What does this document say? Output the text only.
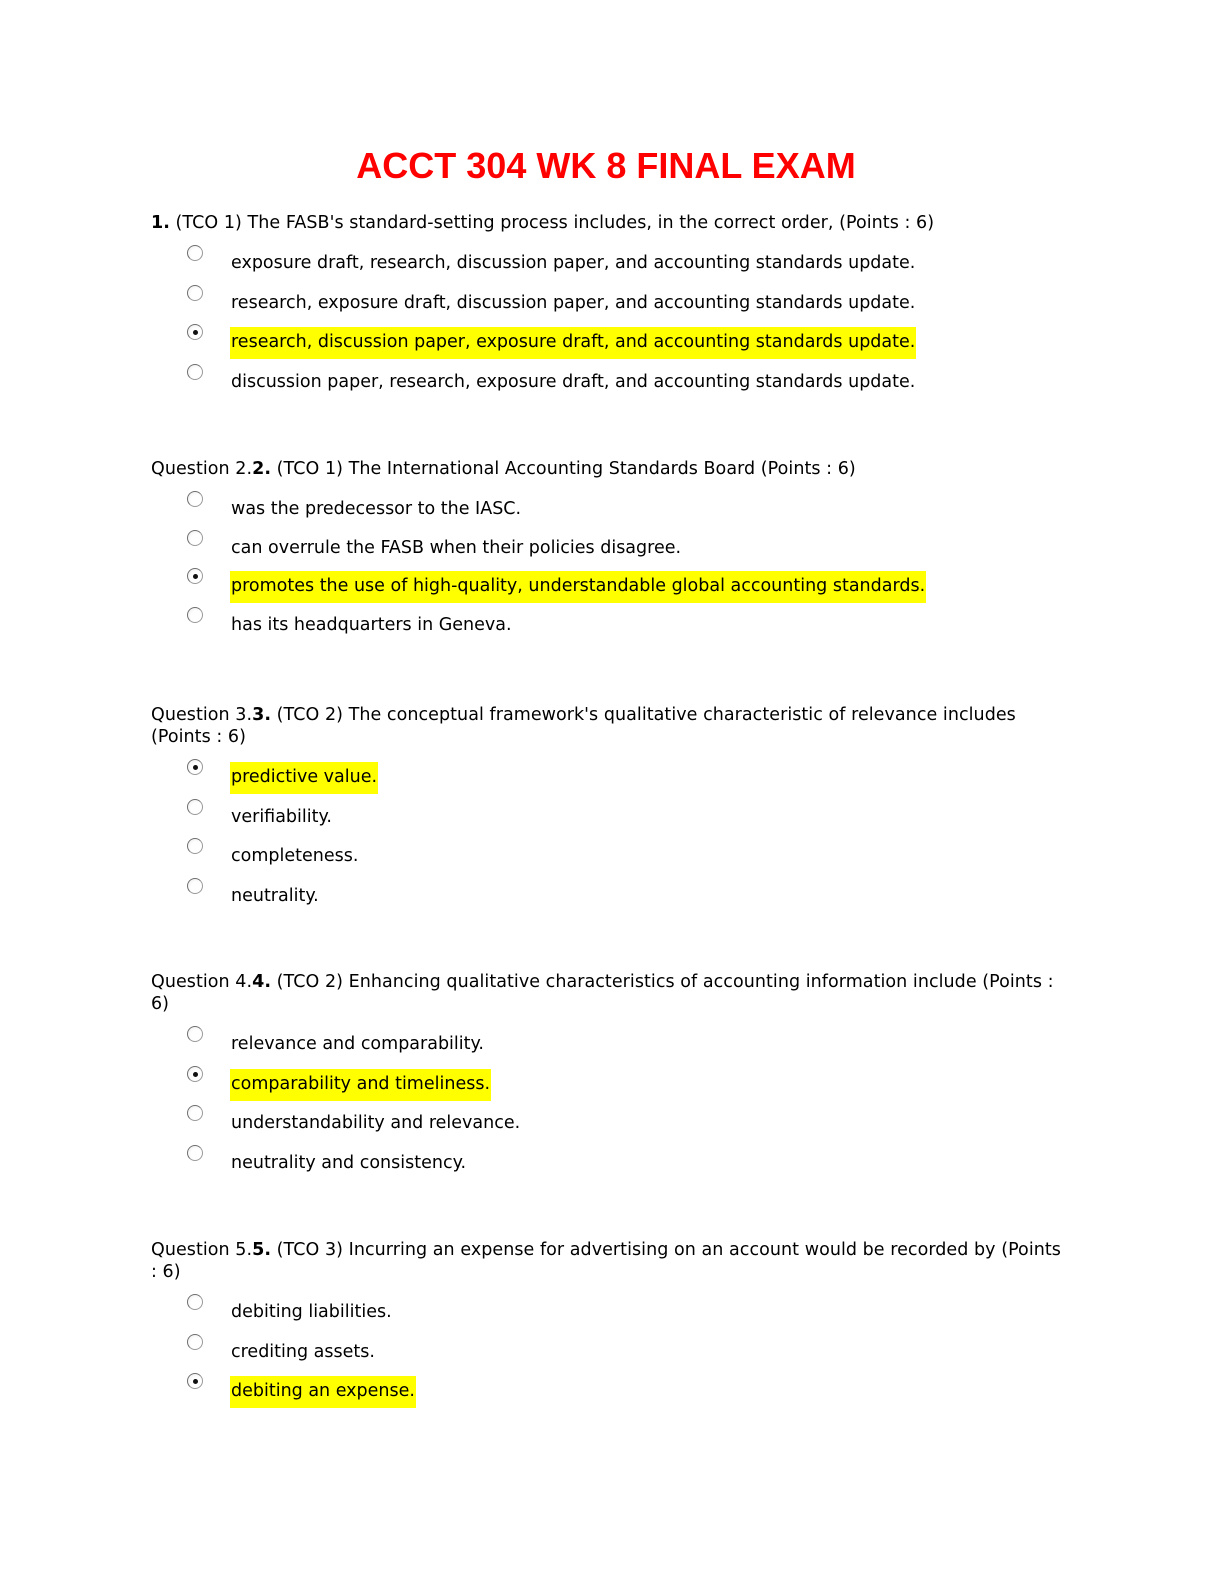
ACCT 304 WK 8 FINAL EXAM

1. (TCO 1) The FASB's standard-setting process includes, in the correct order, (Points : 6)

exposure draft, research, discussion paper, and accounting standards update.
research, exposure draft, discussion paper, and accounting standards update.
research, discussion paper, exposure draft, and accounting standards update.
discussion paper, research, exposure draft, and accounting standards update.

Question 2.2. (TCO 1) The International Accounting Standards Board (Points : 6)

was the predecessor to the IASC.
can overrule the FASB when their policies disagree.
promotes the use of high-quality, understandable global accounting standards.
has its headquarters in Geneva.

Question 3.3. (TCO 2) The conceptual framework's qualitative characteristic of relevance includes (Points : 6)

predictive value.
verifiability.
completeness.
neutrality.

Question 4.4. (TCO 2) Enhancing qualitative characteristics of accounting information include (Points : 6)

relevance and comparability.
comparability and timeliness.
understandability and relevance.
neutrality and consistency.

Question 5.5. (TCO 3) Incurring an expense for advertising on an account would be recorded by (Points : 6)

debiting liabilities.
crediting assets.
debiting an expense.
